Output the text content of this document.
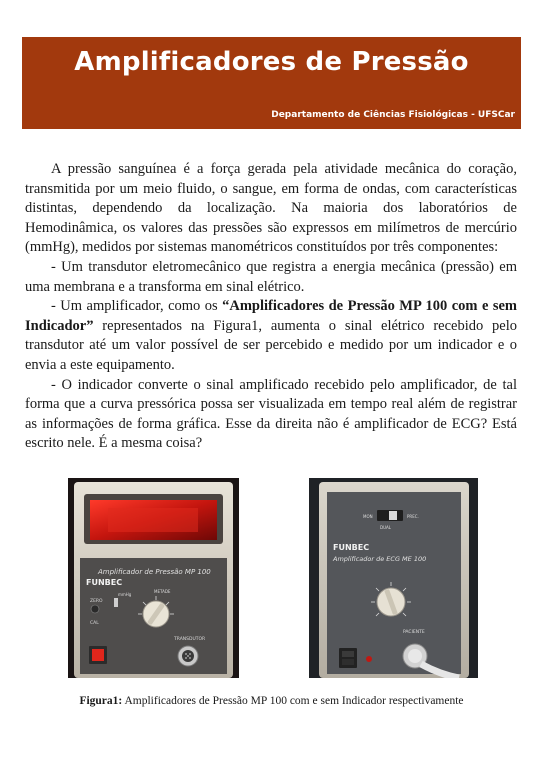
Amplificadores de Pressão
Departamento de Ciências Fisiológicas - UFSCar

A pressão sanguínea é a força gerada pela atividade mecânica do coração, transmitida por um meio fluido, o sangue, em forma de ondas, com características distintas, dependendo da localização. Na maioria dos laboratórios de Hemodinâmica, os valores das pressões são expressos em milímetros de mercúrio (mmHg), medidos por sistemas manométricos constituídos por três componentes:

- Um transdutor eletromecânico que registra a energia mecânica (pressão) em uma membrana e a transforma em sinal elétrico.

- Um amplificador, como os “Amplificadores de Pressão MP 100 com e sem Indicador” representados na Figura1, aumenta o sinal elétrico recebido pelo transdutor até um valor possível de ser percebido e medido por um indicador e o envia a este equipamento.

- O indicador converte o sinal amplificado recebido pelo amplificador, de tal forma que a curva pressórica possa ser visualizada em tempo real além de registrar as informações de forma gráfica. Esse da direita não é amplificador de ECG? Está escrito nele. É a mesma coisa?

Amplificador de Pressão MP 100
FUNBEC
ZERO
CAL
mmHg
METADE
TRANSDUTOR
MON	PREC.
DUAL
FUNBEC
Amplificador de ECG ME 100
PACIENTE
Figura1: Amplificadores de Pressão MP 100 com e sem Indicador respectivamente
